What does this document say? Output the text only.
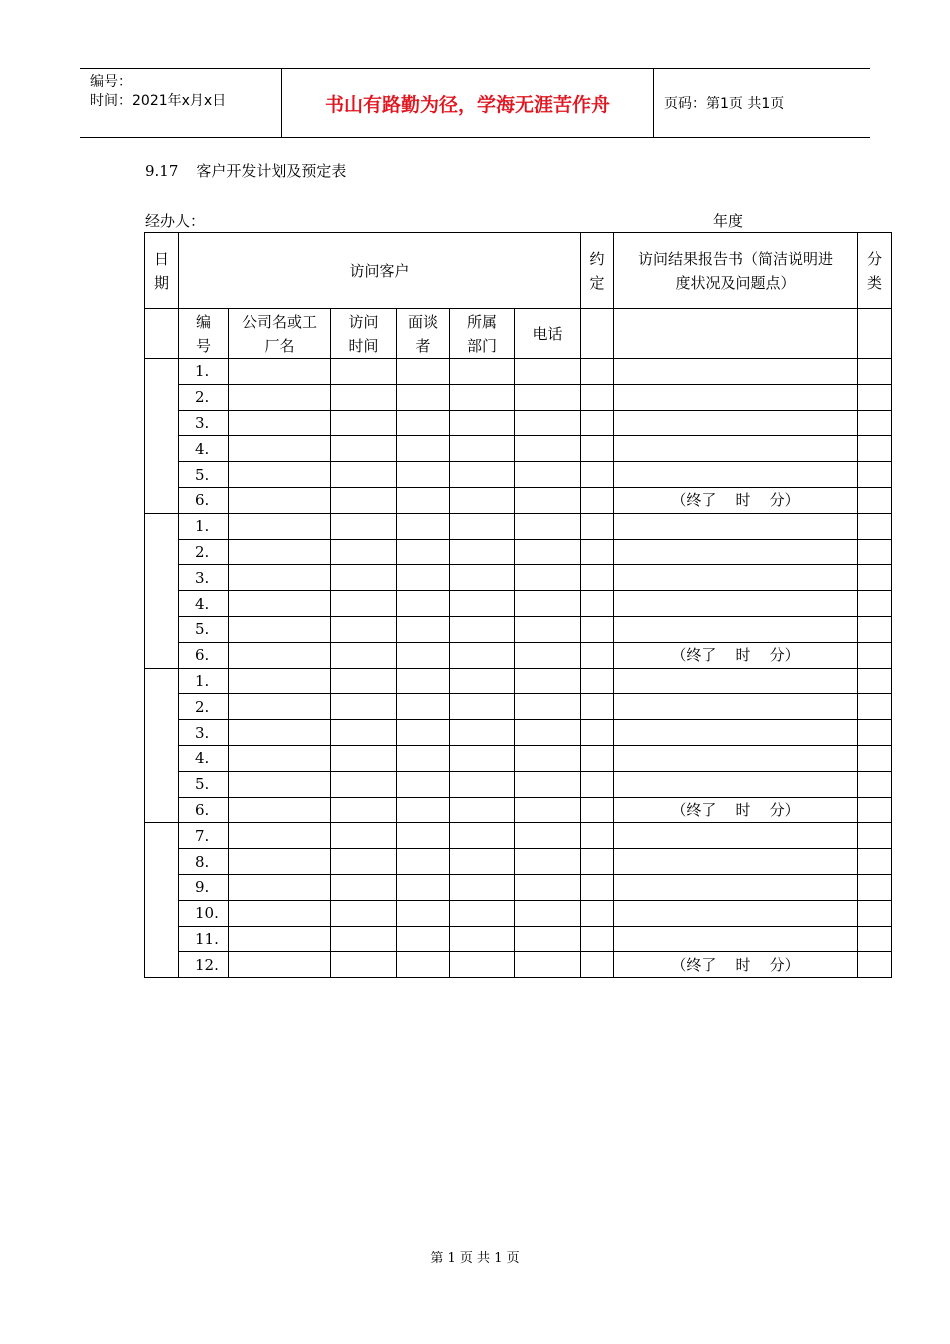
编号：
时间：2021年x月x日	书山有路勤为径，学海无涯苦作舟	页码：第1页 共1页
9.17 客户开发计划及预定表
经办人：	年度
日期	访问客户						约定	访问结果报告书（简洁说明进度状况及问题点）	分类
	编号	公司名或工厂名	访问时间	面谈者	所属部门	电话			
	1.								
	2.								
	3.								
	4.								
	5.								
	6.							（终了    时    分）	
	1.								
	2.								
	3.								
	4.								
	5.								
	6.							（终了    时    分）	
	1.								
	2.								
	3.								
	4.								
	5.								
	6.							（终了    时    分）	
	7.								
	8.								
	9.								
	10.								
	11.								
	12.							（终了    时    分）	
第 1 页 共 1 页
